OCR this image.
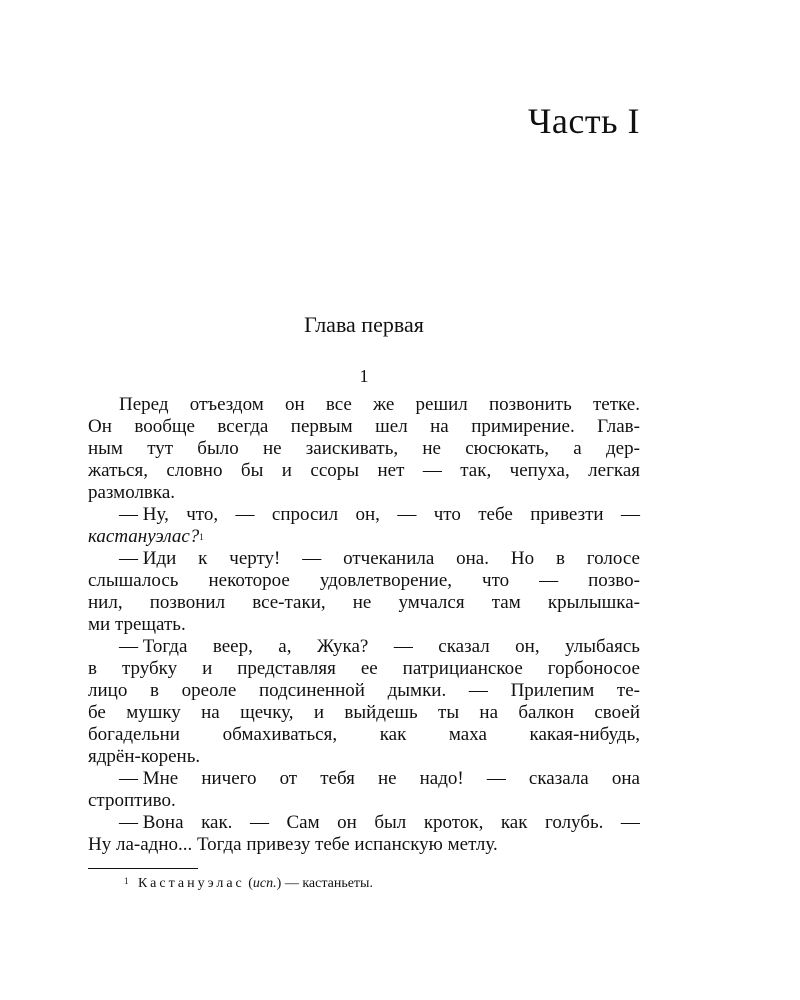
Часть I
Глава первая
1
Перед отъездом он все же решил позвонить тетке.
Он вообще всегда первым шел на примирение. Глав-
ным тут было не заискивать, не сюсюкать, а дер-
жаться, словно бы и ссоры нет — так, чепуха, легкая
размолвка.
— Ну, что, — спросил он, — что тебе привезти —
кастануэлас? 1
— Иди к черту! — отчеканила она. Но в голосе
слышалось некоторое удовлетворение, что — позво-
нил, позвонил все-таки, не умчался там крылышка-
ми трещать.
— Тогда веер, а, Жука? — сказал он, улыбаясь
в трубку и представляя ее патрицианское горбоносое
лицо в ореоле подсиненной дымки. — Прилепим те-
бе мушку на щечку, и выйдешь ты на балкон своей
богадельни обмахиваться, как маха какая-нибудь,
ядрён-корень.
— Мне ничего от тебя не надо! — сказала она
строптиво.
— Вона как. — Сам он был кроток, как голубь. —
Ну ла-адно... Тогда привезу тебе испанскую метлу.
$^1$ Кастануэлас (исп.) — кастаньеты.
